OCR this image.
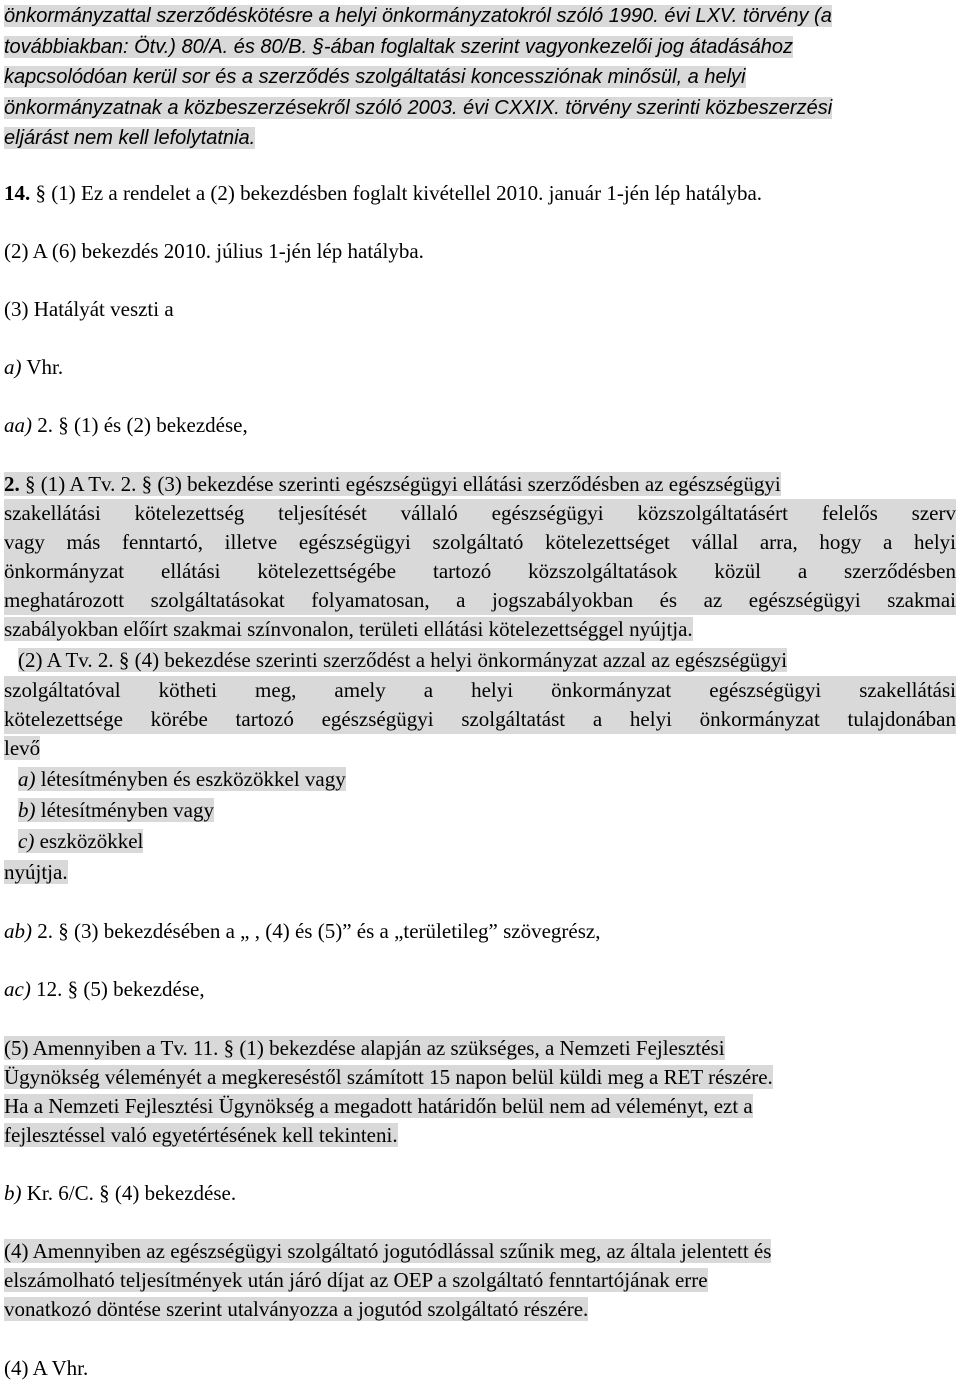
önkormányzattal szerződéskötésre a helyi önkormányzatokról szóló 1990. évi LXV. törvény (a
továbbiakban: Ötv.) 80/A. és 80/B. §-ában foglaltak szerint vagyonkezelői jog átadásához
kapcsolódóan kerül sor és a szerződés szolgáltatási koncessziónak minősül, a helyi
önkormányzatnak a közbeszerzésekről szóló 2003. évi CXXIX. törvény szerinti közbeszerzési
eljárást nem kell lefolytatnia.
14. § (1) Ez a rendelet a (2) bekezdésben foglalt kivétellel 2010. január 1-jén lép hatályba.
(2) A (6) bekezdés 2010. július 1-jén lép hatályba.
(3) Hatályát veszti a
a) Vhr.
aa) 2. § (1) és (2) bekezdése,
2. § (1) A Tv. 2. § (3) bekezdése szerinti egészségügyi ellátási szerződésben az egészségügyi
szakellátási kötelezettség teljesítését vállaló egészségügyi közszolgáltatásért felelős szerv
vagy más fenntartó, illetve egészségügyi szolgáltató kötelezettséget vállal arra, hogy a helyi
önkormányzat ellátási kötelezettségébe tartozó közszolgáltatások közül a szerződésben
meghatározott szolgáltatásokat folyamatosan, a jogszabályokban és az egészségügyi szakmai
szabályokban előírt szakmai színvonalon, területi ellátási kötelezettséggel nyújtja.
(2) A Tv. 2. § (4) bekezdése szerinti szerződést a helyi önkormányzat azzal az egészségügyi
szolgáltatóval kötheti meg, amely a helyi önkormányzat egészségügyi szakellátási
kötelezettsége körébe tartozó egészségügyi szolgáltatást a helyi önkormányzat tulajdonában
levő
a) létesítményben és eszközökkel vagy
b) létesítményben vagy
c) eszközökkel
nyújtja.
ab) 2. § (3) bekezdésében a „ , (4) és (5)” és a „területileg” szövegrész,
ac) 12. § (5) bekezdése,
(5) Amennyiben a Tv. 11. § (1) bekezdése alapján az szükséges, a Nemzeti Fejlesztési
Ügynökség véleményét a megkereséstől számított 15 napon belül küldi meg a RET részére.
Ha a Nemzeti Fejlesztési Ügynökség a megadott határidőn belül nem ad véleményt, ezt a
fejlesztéssel való egyetértésének kell tekinteni.
b) Kr. 6/C. § (4) bekezdése.
(4) Amennyiben az egészségügyi szolgáltató jogutódlással szűnik meg, az általa jelentett és
elszámolható teljesítmények után járó díjat az OEP a szolgáltató fenntartójának erre
vonatkozó döntése szerint utalványozza a jogutód szolgáltató részére.
(4) A Vhr.
